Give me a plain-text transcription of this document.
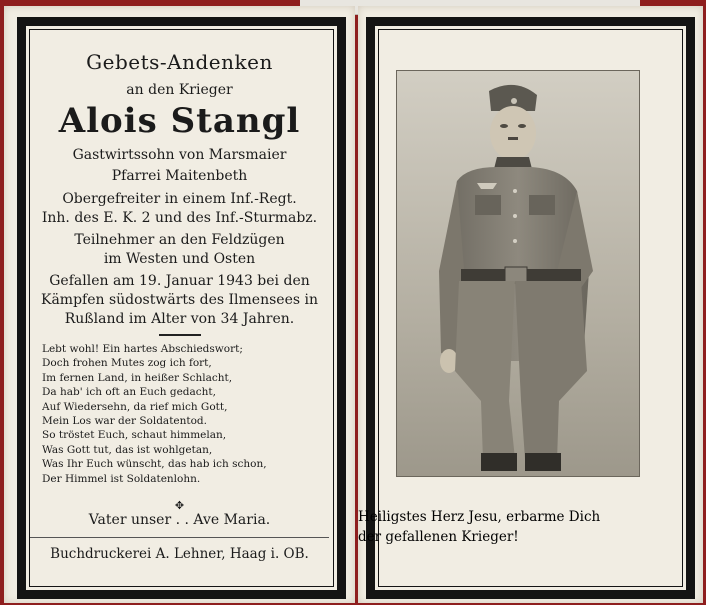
Gebets-Andenken
an den Krieger
Alois Stangl
Gastwirtssohn von Marsmaier
Pfarrei Maitenbeth
Obergefreiter in einem Inf.-Regt.
Inh. des E. K. 2 und des Inf.-Sturmabz.
Teilnehmer an den Feldzügen
im Westen und Osten
Gefallen am 19. Januar 1943 bei den
Kämpfen südostwärts des Ilmensees in
Rußland im Alter von 34 Jahren.
Lebt wohl! Ein hartes Abschiedswort;
Doch frohen Mutes zog ich fort,
Im fernen Land, in heißer Schlacht,
Da hab' ich oft an Euch gedacht,
Auf Wiedersehn, da rief mich Gott,
Mein Los war der Soldatentod.
So tröstet Euch, schaut himmelan,
Was Gott tut, das ist wohlgetan,
Was Ihr Euch wünscht, das hab ich schon,
Der Himmel ist Soldatenlohn.
✥
Vater unser . . Ave Maria.
Buchdruckerei A. Lehner, Haag i. OB.
Heiligstes Herz Jesu, erbarme Dich
der gefallenen Krieger!
